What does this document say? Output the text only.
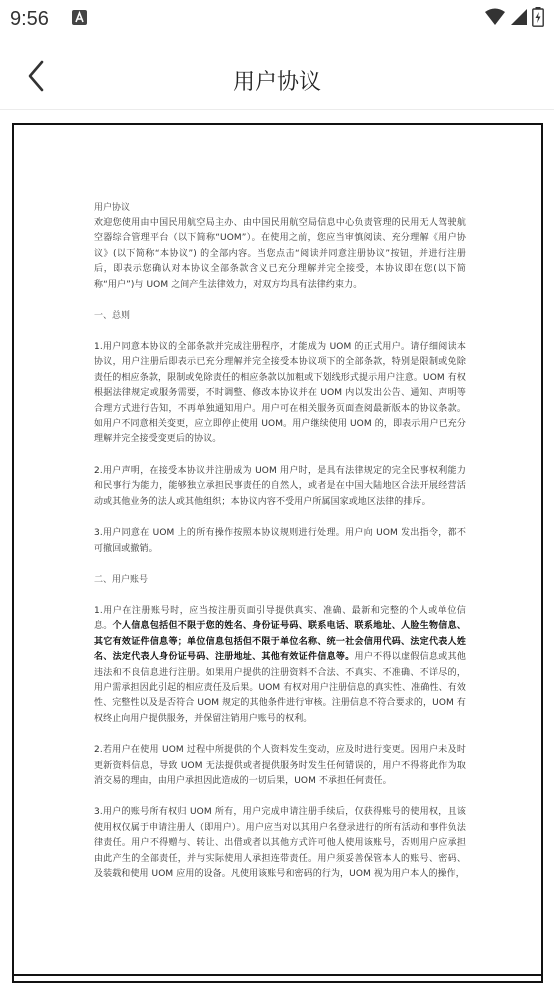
9:56
用户协议
用户协议
欢迎您使用由中国民用航空局主办、由中国民用航空局信息中心负责管理的民用无人驾驶航空器综合管理平台（以下简称“UOM”）。在使用之前，您应当审慎阅读、充分理解《用户协议》(以下简称“本协议”) 的全部内容。当您点击“阅读并同意注册协议”按钮，并进行注册后，即表示您确认对本协议全部条款含义已充分理解并完全接受，本协议即在您(以下简称“用户”)与 UOM 之间产生法律效力，对双方均具有法律约束力。
一、总则
1.用户同意本协议的全部条款并完成注册程序，才能成为 UOM 的正式用户。请仔细阅读本协议，用户注册后即表示已充分理解并完全接受本协议项下的全部条款，特别是限制或免除责任的相应条款，限制或免除责任的相应条款以加粗或下划线形式提示用户注意。UOM 有权根据法律规定或服务需要，不时调整、修改本协议并在 UOM 内以发出公告、通知、声明等合理方式进行告知，不再单独通知用户。用户可在相关服务页面查阅最新版本的协议条款。如用户不同意相关变更，应立即停止使用 UOM。用户继续使用 UOM 的，即表示用户已充分理解并完全接受变更后的协议。
2.用户声明，在接受本协议并注册成为 UOM 用户时，是具有法律规定的完全民事权利能力和民事行为能力，能够独立承担民事责任的自然人，或者是在中国大陆地区合法开展经营活动或其他业务的法人或其他组织；本协议内容不受用户所属国家或地区法律的排斥。
3.用户同意在 UOM 上的所有操作按照本协议规则进行处理。用户向 UOM 发出指令，都不可撤回或撤销。
二、用户账号
1.用户在注册账号时，应当按注册页面引导提供真实、准确、最新和完整的个人或单位信息。个人信息包括但不限于您的姓名、身份证号码、联系电话、联系地址、人脸生物信息、其它有效证件信息等；单位信息包括但不限于单位名称、统一社会信用代码、法定代表人姓名、法定代表人身份证号码、注册地址、其他有效证件信息等。用户不得以虚假信息或其他违法和不良信息进行注册。如果用户提供的注册资料不合法、不真实、不准确、不详尽的，用户需承担因此引起的相应责任及后果。UOM 有权对用户注册信息的真实性、准确性、有效性、完整性以及是否符合 UOM 规定的其他条件进行审核。注册信息不符合要求的，UOM 有权终止向用户提供服务，并保留注销用户账号的权利。
2.若用户在使用 UOM 过程中所提供的个人资料发生变动，应及时进行变更。因用户未及时更新资料信息，导致 UOM 无法提供或者提供服务时发生任何错误的，用户不得将此作为取消交易的理由，由用户承担因此造成的一切后果，UOM 不承担任何责任。
3.用户的账号所有权归 UOM 所有，用户完成申请注册手续后，仅获得账号的使用权，且该使用权仅属于申请注册人（即用户）。用户应当对以其用户名登录进行的所有活动和事件负法律责任。用户不得赠与、转让、出借或者以其他方式许可他人使用该账号，否则用户应承担由此产生的全部责任，并与实际使用人承担连带责任。用户须妥善保管本人的账号、密码、及装载和使用 UOM 应用的设备。凡使用该账号和密码的行为，UOM 视为用户本人的操作，
